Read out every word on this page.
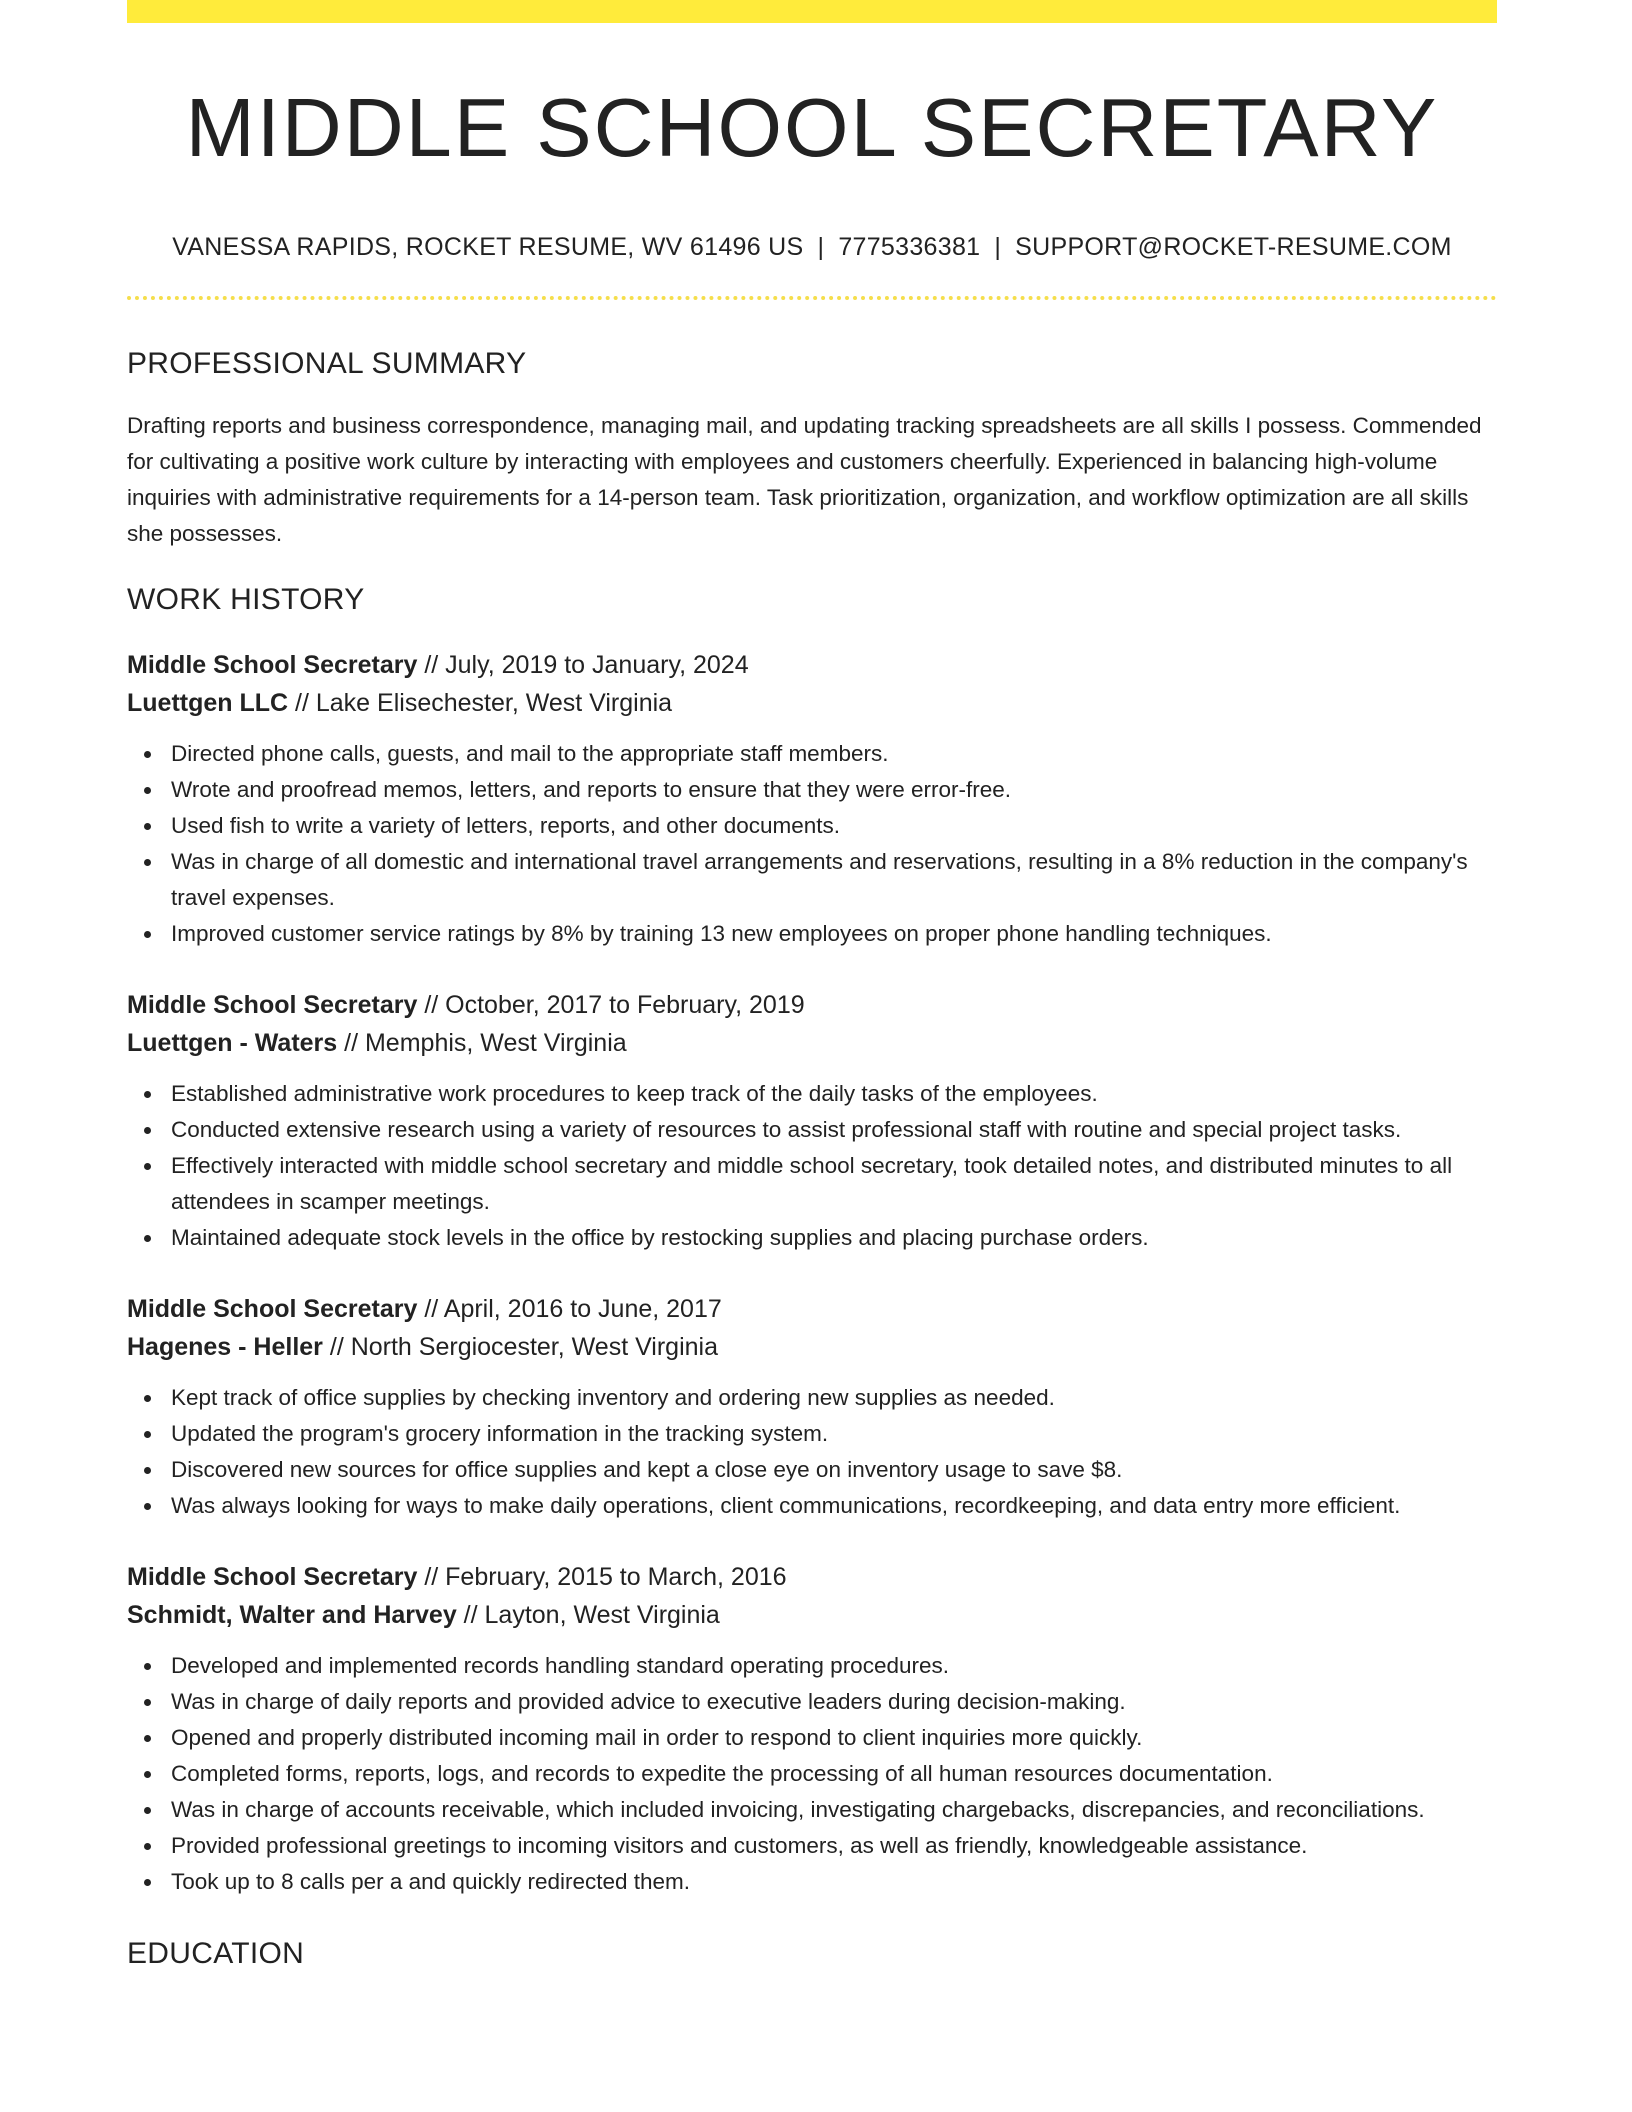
MIDDLE SCHOOL SECRETARY
VANESSA RAPIDS, ROCKET RESUME, WV 61496 US | 7775336381 | SUPPORT@ROCKET-RESUME.COM
PROFESSIONAL SUMMARY
Drafting reports and business correspondence, managing mail, and updating tracking spreadsheets are all skills I possess. Commended for cultivating a positive work culture by interacting with employees and customers cheerfully. Experienced in balancing high-volume inquiries with administrative requirements for a 14-person team. Task prioritization, organization, and workflow optimization are all skills she possesses.
WORK HISTORY
Middle School Secretary // July, 2019 to January, 2024
Luettgen LLC // Lake Elisechester, West Virginia
Directed phone calls, guests, and mail to the appropriate staff members.
Wrote and proofread memos, letters, and reports to ensure that they were error-free.
Used fish to write a variety of letters, reports, and other documents.
Was in charge of all domestic and international travel arrangements and reservations, resulting in a 8% reduction in the company's travel expenses.
Improved customer service ratings by 8% by training 13 new employees on proper phone handling techniques.
Middle School Secretary // October, 2017 to February, 2019
Luettgen - Waters // Memphis, West Virginia
Established administrative work procedures to keep track of the daily tasks of the employees.
Conducted extensive research using a variety of resources to assist professional staff with routine and special project tasks.
Effectively interacted with middle school secretary and middle school secretary, took detailed notes, and distributed minutes to all attendees in scamper meetings.
Maintained adequate stock levels in the office by restocking supplies and placing purchase orders.
Middle School Secretary // April, 2016 to June, 2017
Hagenes - Heller // North Sergiocester, West Virginia
Kept track of office supplies by checking inventory and ordering new supplies as needed.
Updated the program's grocery information in the tracking system.
Discovered new sources for office supplies and kept a close eye on inventory usage to save $8.
Was always looking for ways to make daily operations, client communications, recordkeeping, and data entry more efficient.
Middle School Secretary // February, 2015 to March, 2016
Schmidt, Walter and Harvey // Layton, West Virginia
Developed and implemented records handling standard operating procedures.
Was in charge of daily reports and provided advice to executive leaders during decision-making.
Opened and properly distributed incoming mail in order to respond to client inquiries more quickly.
Completed forms, reports, logs, and records to expedite the processing of all human resources documentation.
Was in charge of accounts receivable, which included invoicing, investigating chargebacks, discrepancies, and reconciliations.
Provided professional greetings to incoming visitors and customers, as well as friendly, knowledgeable assistance.
Took up to 8 calls per a and quickly redirected them.
EDUCATION
